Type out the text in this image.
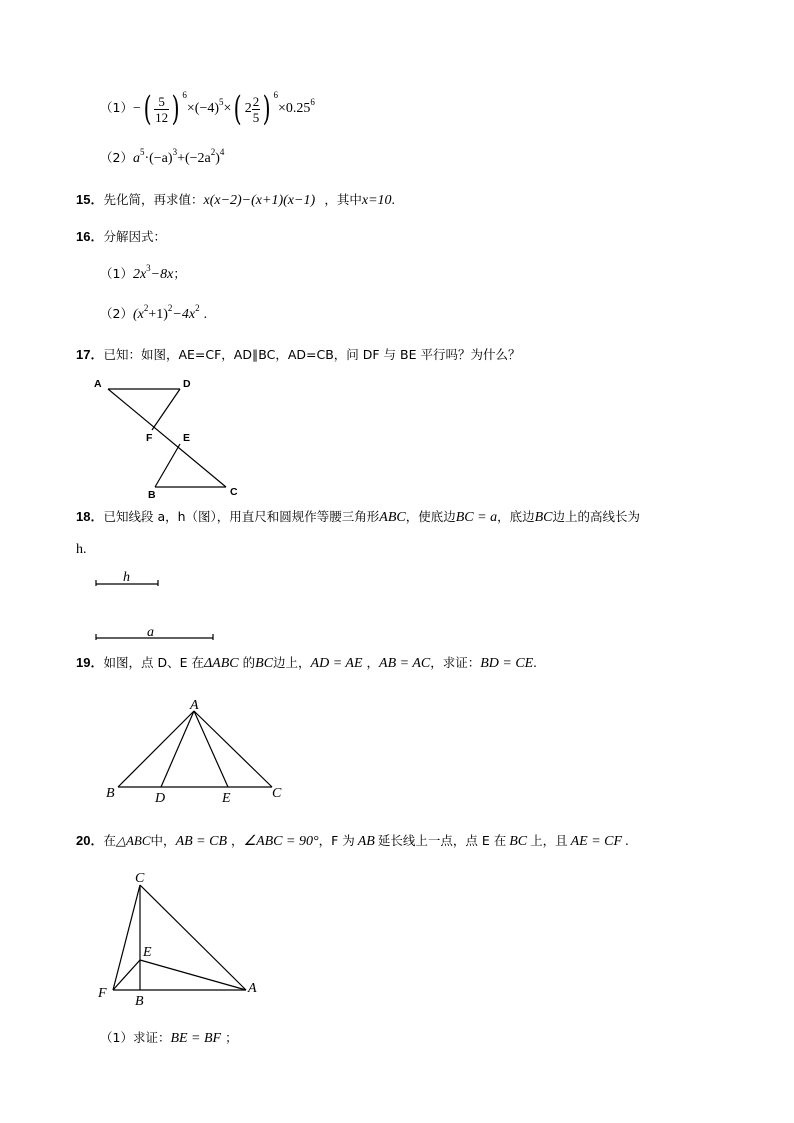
$(1)-( \frac{5}{12}$ ) $^6\times(-4)^5\times$( $2 \frac{2}{5}$ ) $^6\times 0.25^6$
$(2)a^5\cdot(-a)^3+(-2a^2)^4$
15．先化简，再求值：x(x−2)−(x+1)(x−1) ，其中x=10.
16．分解因式：
$(1)2x^3-8x$；
$(2)(x^2+1)^2-4x^2$ .
17．已知：如图，AE=CF，AD∥BC，AD=CB，问 DF 与 BE 平行吗？为什么？
A	D
F	E
B	C
18．已知线段 a，h（图），用直尺和圆规作等腰三角形ABC，使底边BC = a，底边BC边上的高线长为
h.
h
a
19．如图，点 D、E 在ΔABC 的BC边上，AD = AE ，AB = AC，求证：BD = CE.
A
B	D	E	C
20．在△ABC中，AB = CB ，∠ABC = 90°，F 为 AB 延长线上一点，点 E 在 BC 上，且 AE = CF .
C
E
F
B
A
（1）求证：BE = BF ；
